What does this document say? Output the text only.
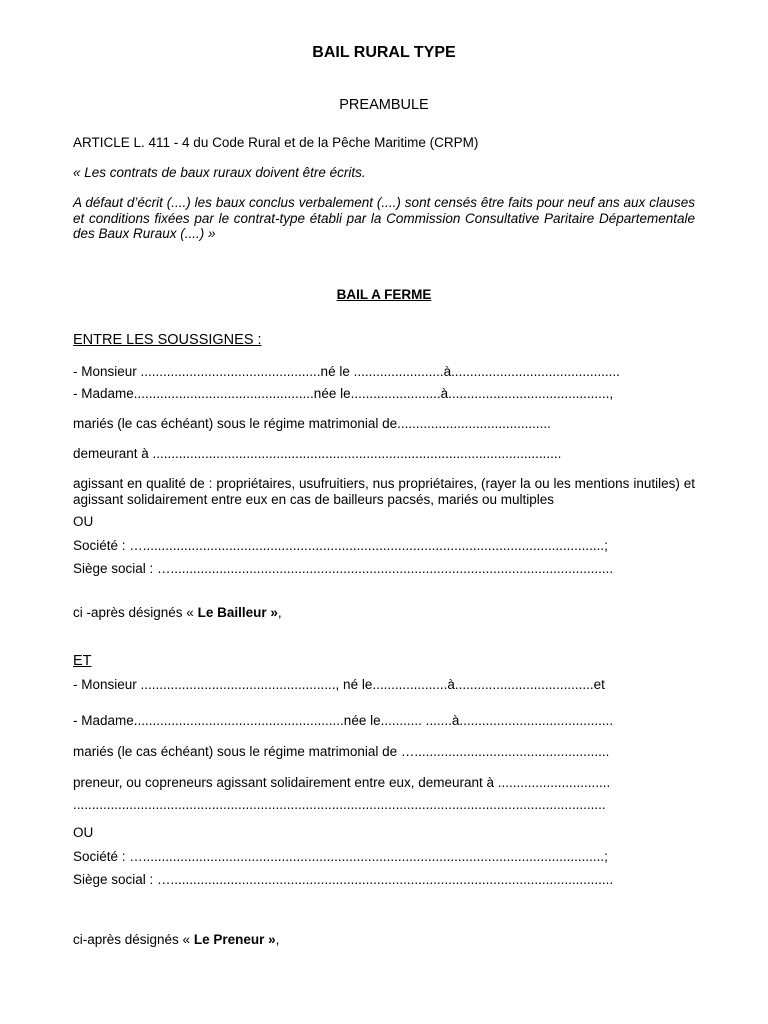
BAIL RURAL TYPE
PREAMBULE
ARTICLE L. 411 - 4 du Code Rural et de la Pêche Maritime (CRPM)
« Les contrats de baux ruraux doivent être écrits.
A défaut d’écrit (....) les baux conclus verbalement (....) sont censés être faits pour neuf ans aux clauses et conditions fixées par le contrat-type établi par la Commission Consultative Paritaire Départementale des Baux Ruraux (....) »
BAIL A FERME
ENTRE LES SOUSSIGNES :
- Monsieur ................................................né le ........................à.............................................
- Madame................................................née le........................à...........................................,
mariés (le cas échéant) sous le régime matrimonial de.........................................
demeurant à .............................................................................................................
agissant en qualité de : propriétaires, usufruitiers, nus propriétaires, (rayer la ou les mentions inutiles) et agissant solidairement entre eux en cas de bailleurs pacsés, mariés ou multiples
OU
Société : …...........................................................................................................................;
Siège social : …......................................................................................................................
ci -après désignés « Le Bailleur »,
ET
- Monsieur ...................................................., né le....................à.....................................et
- Madame........................................................née le........... .......à.........................................
mariés (le cas échéant) sous le régime matrimonial de …....................................................
preneur, ou copreneurs agissant solidairement entre eux, demeurant à ..............................
..............................................................................................................................................
OU
Société : …...........................................................................................................................;
Siège social : …......................................................................................................................
ci-après désignés « Le Preneur »,
